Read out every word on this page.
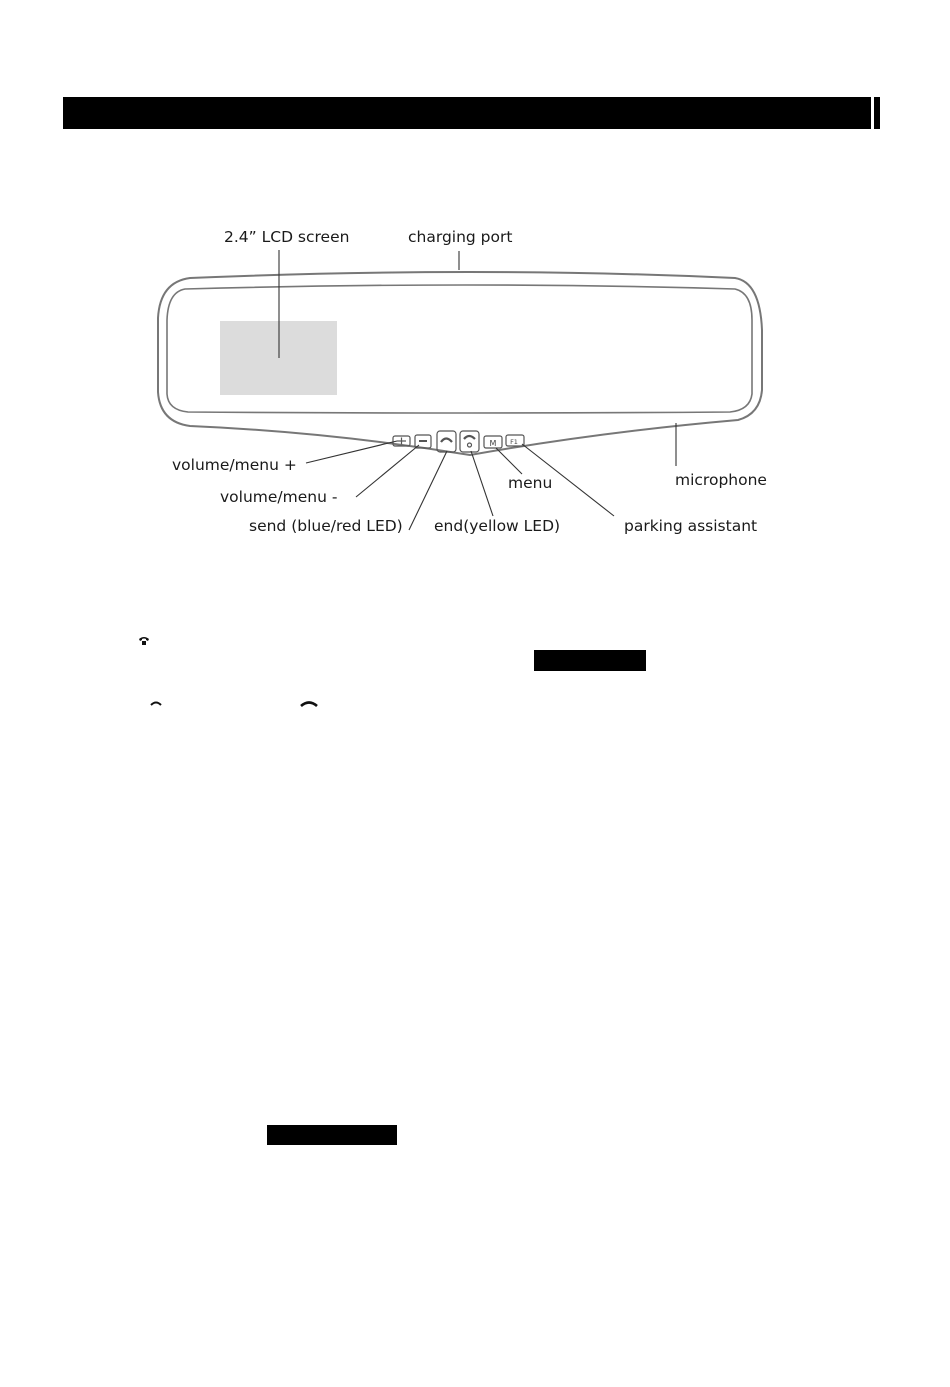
M F1
2.4” LCD screen	charging port
volume/menu +
volume/menu -
send (blue/red LED) end(yellow LED)
menu	microphone
parking assistant
